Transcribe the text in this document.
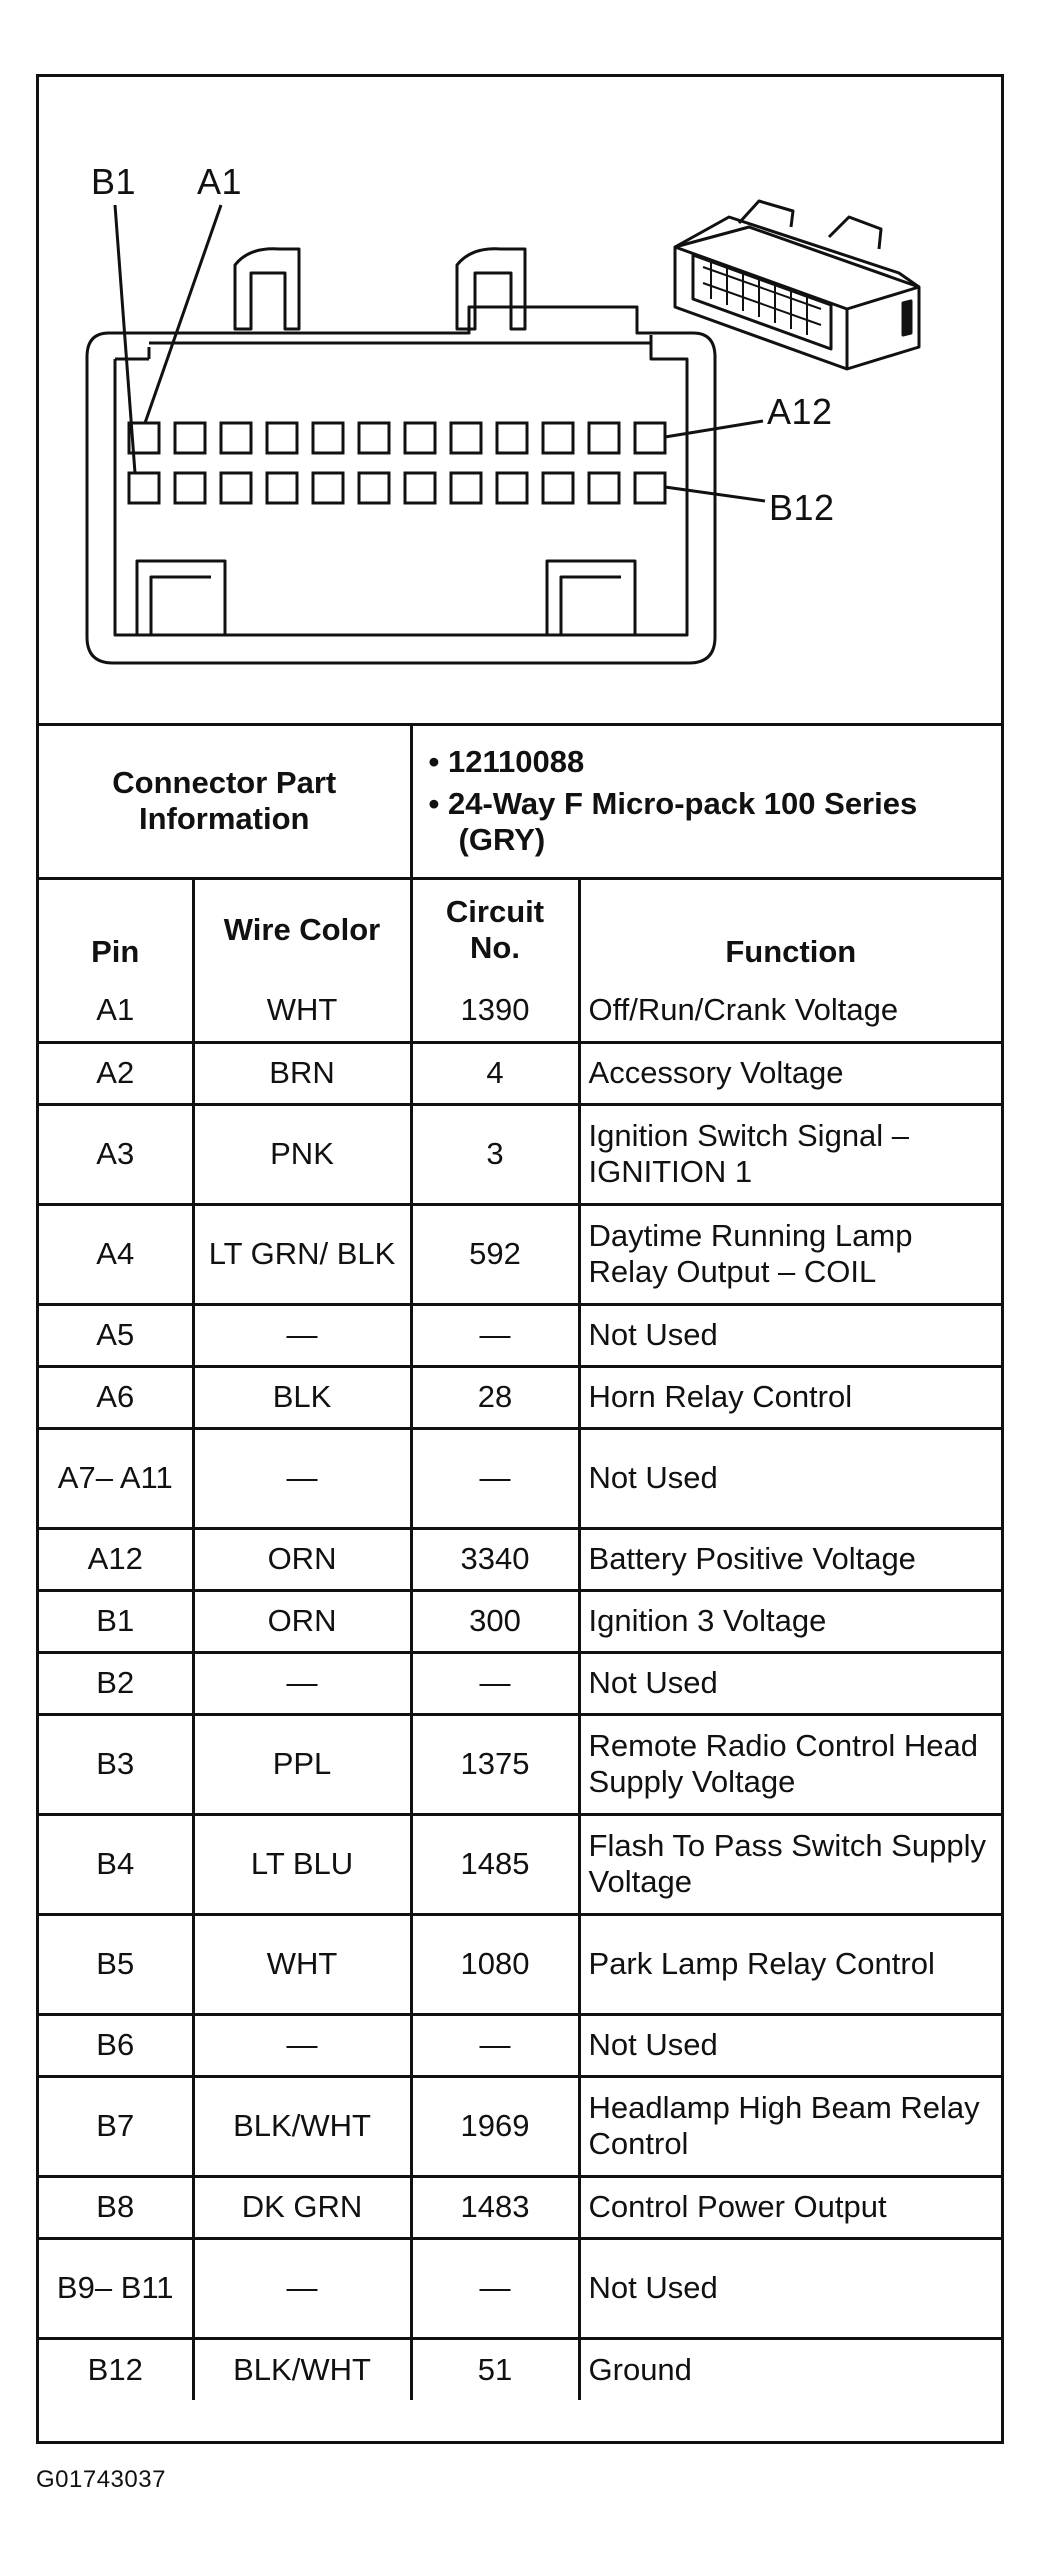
B1 A1
A12
B12
Connector Part Information		• 12110088
• 24-Way F Micro-pack 100 Series (GRY)	

Pin	Wire Color	Circuit No.	Function
A1	WHT	1390	Off/Run/Crank Voltage
A2	BRN	4	Accessory Voltage
A3	PNK	3	Ignition Switch Signal – IGNITION 1
A4	LT GRN/ BLK	592	Daytime Running Lamp Relay Output – COIL
A5	—	—	Not Used
A6	BLK	28	Horn Relay Control
A7– A11	—	—	Not Used
A12	ORN	3340	Battery Positive Voltage
B1	ORN	300	Ignition 3 Voltage
B2	—	—	Not Used
B3	PPL	1375	Remote Radio Control Head Supply Voltage
B4	LT BLU	1485	Flash To Pass Switch Supply Voltage
B5	WHT	1080	Park Lamp Relay Control
B6	—	—	Not Used
B7	BLK/WHT	1969	Headlamp High Beam Relay Control
B8	DK GRN	1483	Control Power Output
B9– B11	—	—	Not Used
B12	BLK/WHT	51	Ground
G01743037
